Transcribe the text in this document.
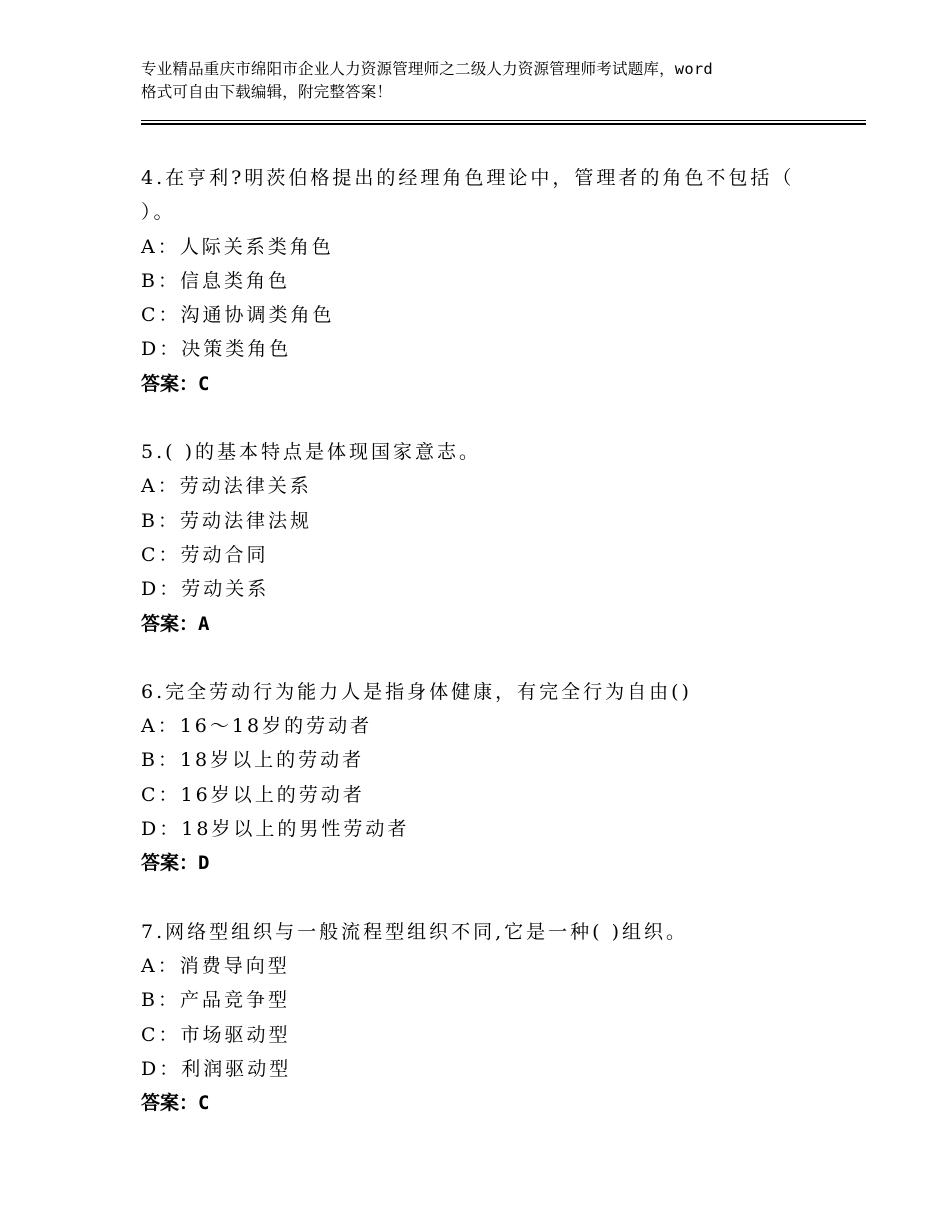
专业精品重庆市绵阳市企业人力资源管理师之二级人力资源管理师考试题库，word
格式可自由下载编辑，附完整答案！
4.在亨利?明茨伯格提出的经理角色理论中，管理者的角色不包括（
）。
A：人际关系类角色
B：信息类角色
C：沟通协调类角色
D：决策类角色
答案：C
5.( )的基本特点是体现国家意志。
A：劳动法律关系
B：劳动法律法规
C：劳动合同
D：劳动关系
答案：A
6.完全劳动行为能力人是指身体健康，有完全行为自由()
A：16～18岁的劳动者
B：18岁以上的劳动者
C：16岁以上的劳动者
D：18岁以上的男性劳动者
答案：D
7.网络型组织与一般流程型组织不同,它是一种( )组织。
A：消费导向型
B：产品竞争型
C：市场驱动型
D：利润驱动型
答案：C
